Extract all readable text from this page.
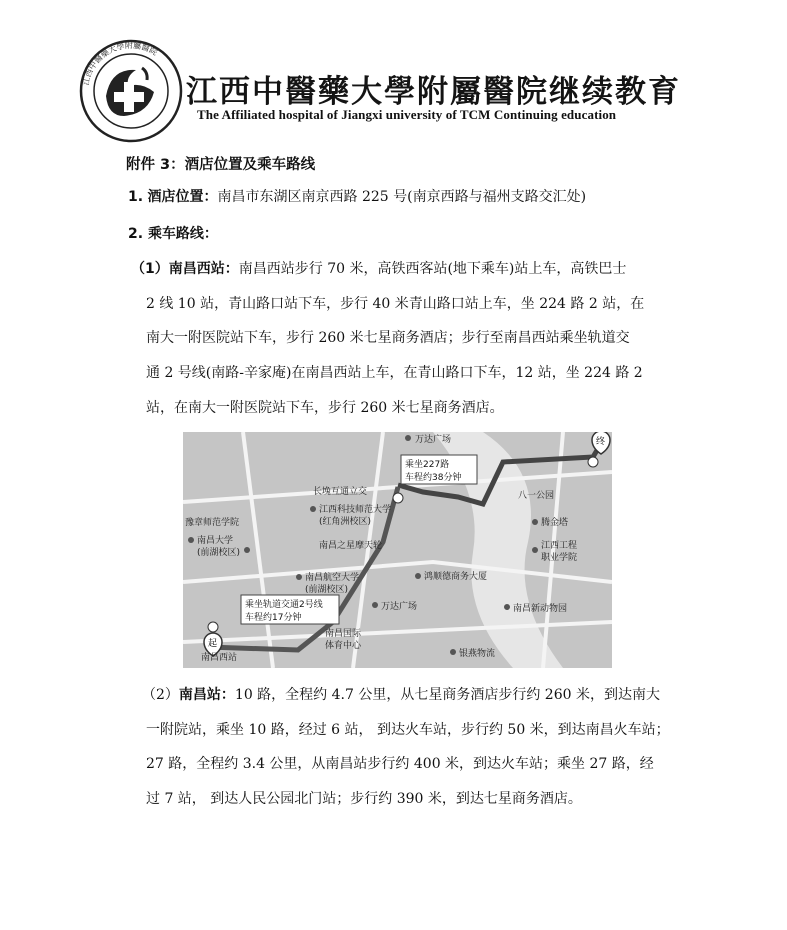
江西中醫藥大學附屬醫院
江西中醫藥大學附屬醫院继续教育
The Affiliated hospital of Jiangxi university of TCM Continuing education
附件 3：酒店位置及乘车路线
1. 酒店位置：南昌市东湖区南京西路 225 号(南京西路与福州支路交汇处)
2. 乘车路线：
（1）南昌西站：南昌西站步行 70 米，高铁西客站(地下乘车)站上车，高铁巴士
2 线 10 站，青山路口站下车，步行 40 米青山路口站上车，坐 224 路 2 站，在
南大一附医院站下车，步行 260 米七星商务酒店；步行至南昌西站乘坐轨道交
通 2 号线(南路-辛家庵)在南昌西站上车，在青山路口下车，12 站，坐 224 路 2
站，在南大一附医院站下车，步行 260 米七星商务酒店。
乘坐227路
车程约38分钟
乘坐轨道交通2号线
车程约17分钟
起
终
万达广场
长堍互通立交
江西科技师范大学
(红角洲校区)
豫章师范学院
南昌大学
(前湖校区)
南昌之星摩天轮
南昌航空大学
(前湖校区)
万达广场
鸿顺德商务大厦
八一公园
腾金塔
江西工程
职业学院
南昌新动物园
南昌国际
体育中心
银燕物流
南昌西站
（2）南昌站：10 路，全程约 4.7 公里，从七星商务酒店步行约 260 米，到达南大
一附院站，乘坐 10 路，经过 6 站， 到达火车站，步行约 50 米，到达南昌火车站；
27 路，全程约 3.4 公里，从南昌站步行约 400 米，到达火车站；乘坐 27 路，经
过 7 站， 到达人民公园北门站；步行约 390 米，到达七星商务酒店。
